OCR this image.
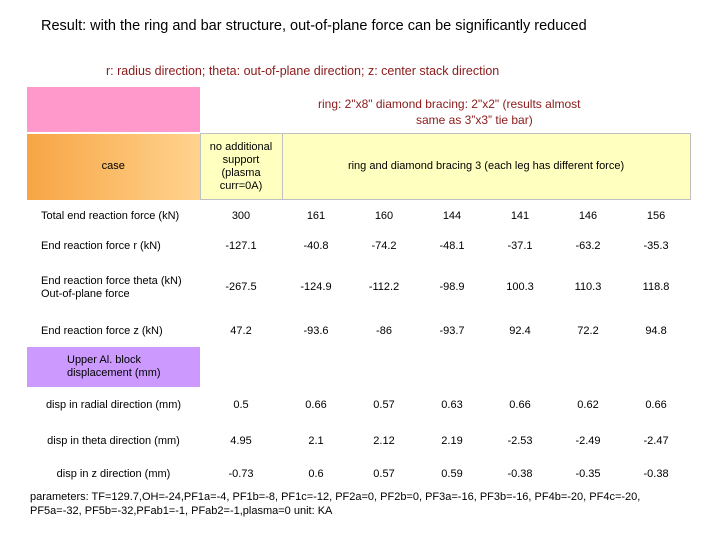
Result: with the ring and bar structure, out-of-plane force can be significantly reduced
r: radius direction; theta: out-of-plane direction; z: center stack direction
ring: 2"x8" diamond bracing: 2"x2" (results almost
same as 3”x3” tie bar)
case	no additional support (plasma curr=0A)	ring and diamond bracing 3 (each leg has different force)					
Total end reaction force (kN)	300	161	160	144	141	146	156
End reaction force r (kN)	-127.1	-40.8	-74.2	-48.1	-37.1	-63.2	-35.3
End reaction force theta (kN)
Out-of-plane force	-267.5	-124.9	-112.2	-98.9	100.3	110.3	118.8
End reaction force z (kN)	47.2	-93.6	-86	-93.7	92.4	72.2	94.8
Upper Al. block displacement (mm)							
disp in radial direction (mm)	0.5	0.66	0.57	0.63	0.66	0.62	0.66
disp in theta direction (mm)	4.95	2.1	2.12	2.19	-2.53	-2.49	-2.47
disp in z direction (mm)	-0.73	0.6	0.57	0.59	-0.38	-0.35	-0.38
parameters: TF=129.7,OH=-24,PF1a=-4, PF1b=-8, PF1c=-12, PF2a=0, PF2b=0, PF3a=-16, PF3b=-16, PF4b=-20, PF4c=-20, PF5a=-32, PF5b=-32,PFab1=-1, PFab2=-1,plasma=0 unit: KA
